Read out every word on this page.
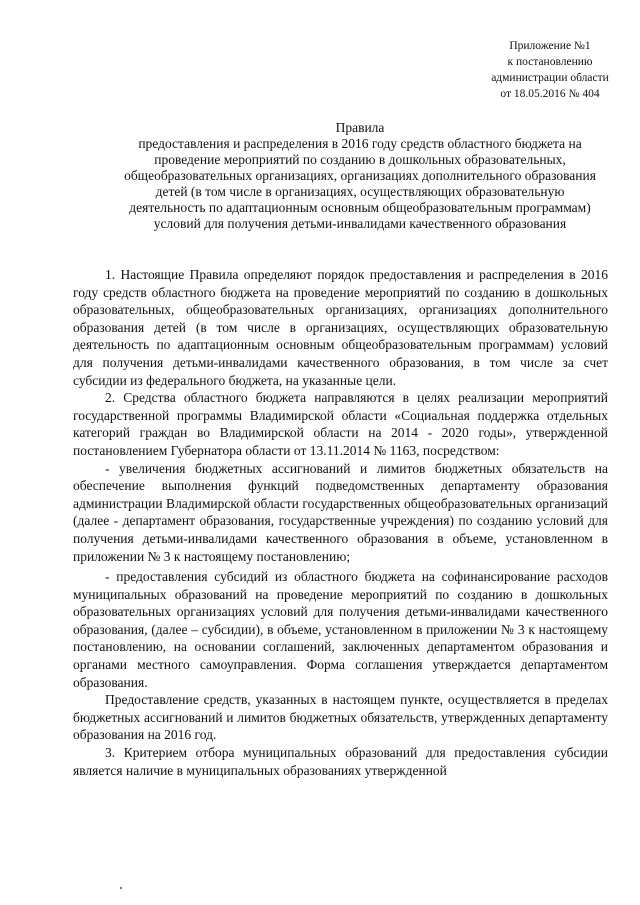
Приложение №1
к постановлению
администрации области
от 18.05.2016 № 404
Правила
предоставления и распределения в 2016 году средств областного бюджета на
проведение мероприятий по созданию в дошкольных образовательных,
общеобразовательных организациях, организациях дополнительного образования
детей (в том числе в организациях, осуществляющих образовательную
деятельность по адаптационным основным общеобразовательным программам)
условий для получения детьми-инвалидами качественного образования

1. Настоящие Правила определяют порядок предоставления и распределения в 2016 году средств областного бюджета на проведение мероприятий по созданию в дошкольных образовательных, общеобразовательных организациях, организациях дополнительного образования детей (в том числе в организациях, осуществляющих образовательную деятельность по адаптационным основным общеобразовательным программам) условий для получения детьми-инвалидами качественного образования, в том числе за счет субсидии из федерального бюджета, на указанные цели.

2. Средства областного бюджета направляются в целях реализации мероприятий государственной программы Владимирской области «Социальная поддержка отдельных категорий граждан во Владимирской области на 2014 - 2020 годы», утвержденной постановлением Губернатора области от 13.11.2014 № 1163, посредством:

- увеличения бюджетных ассигнований и лимитов бюджетных обязательств на обеспечение выполнения функций подведомственных департаменту образования администрации Владимирской области государственных общеобразовательных организаций (далее - департамент образования, государственные учреждения) по созданию условий для получения детьми-инвалидами качественного образования в объеме, установленном в приложении № 3 к настоящему постановлению;

- предоставления субсидий из областного бюджета на софинансирование расходов муниципальных образований на проведение мероприятий по созданию в дошкольных образовательных организациях условий для получения детьми-инвалидами качественного образования, (далее – субсидии), в объеме, установленном в приложении № 3 к настоящему постановлению, на основании соглашений, заключенных департаментом образования и органами местного самоуправления. Форма соглашения утверждается департаментом образования.

Предоставление средств, указанных в настоящем пункте, осуществляется в пределах бюджетных ассигнований и лимитов бюджетных обязательств, утвержденных департаменту образования на 2016 год.

3. Критерием отбора муниципальных образований для предоставления субсидии является наличие в муниципальных образованиях утвержденной
